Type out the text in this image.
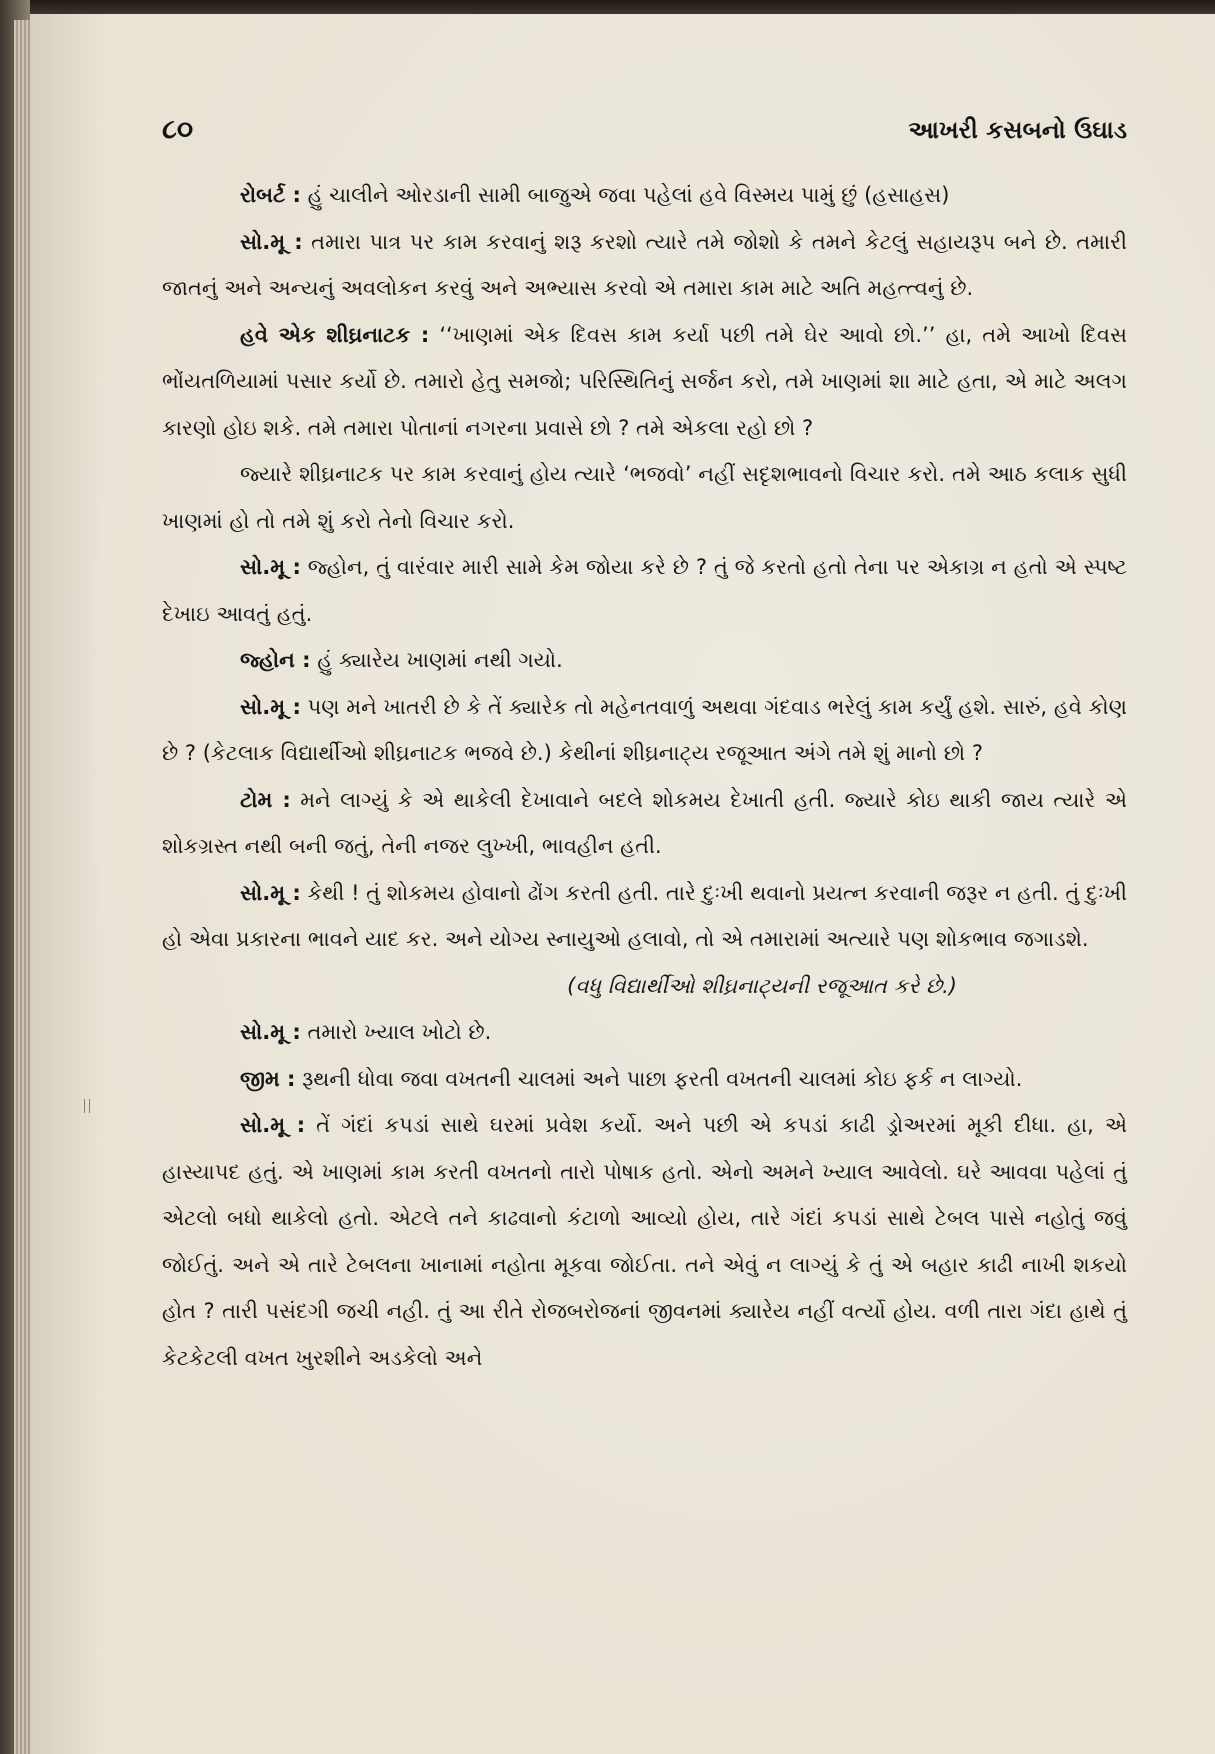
૮૦	આખરી કસબનો ઉઘાડ

રોબર્ટ : હું ચાલીને ઓરડાની સામી બાજુએ જવા પહેલાં હવે વિસ્મય પામું છું (હસાહસ)

સો.મૂ : તમારા પાત્ર પર કામ કરવાનું શરૂ કરશો ત્યારે તમે જોશો કે તમને કેટલું સહાયરૂપ બને છે. તમારી જાતનું અને અન્યનું અવલોકન કરવું અને અભ્યાસ કરવો એ તમારા કામ માટે અતિ મહત્ત્વનું છે.

હવે એક શીઘ્રનાટક : ‘‘ખાણમાં એક દિવસ કામ કર્યા પછી તમે ઘેર આવો છો.’’ હા, તમે આખો દિવસ ભોંયતળિયામાં પસાર કર્યો છે. તમારો હેતુ સમજો; પરિસ્થિતિનું સર્જન કરો, તમે ખાણમાં શા માટે હતા, એ માટે અલગ કારણો હોઇ શકે. તમે તમારા પોતાનાં નગરના પ્રવાસે છો ? તમે એકલા રહો છો ?

જ્યારે શીઘ્રનાટક પર કામ કરવાનું હોય ત્યારે ‘ભજવો’ નહીં સદૃશભાવનો વિચાર કરો. તમે આઠ કલાક સુધી ખાણમાં હો તો તમે શું કરો તેનો વિચાર કરો.

સો.મૂ : જ્હોન, તું વારંવાર મારી સામે કેમ જોયા કરે છે ? તું જે કરતો હતો તેના પર એકાગ્ર ન હતો એ સ્પષ્ટ દેખાઇ આવતું હતું.

જ્હોન : હું ક્યારેય ખાણમાં નથી ગયો.

સો.મૂ : પણ મને ખાતરી છે કે તેં ક્યારેક તો મહેનતવાળું અથવા ગંદવાડ ભરેલું કામ કર્યું હશે. સારું, હવે કોણ છે ? (કેટલાક વિદ્યાર્થીઓ શીઘ્રનાટક ભજવે છે.) કેથીનાં શીઘ્રનાટ્ય રજૂઆત અંગે તમે શું માનો છો ?

ટોમ : મને લાગ્યું કે એ થાકેલી દેખાવાને બદલે શોકમય દેખાતી હતી. જ્યારે કોઇ થાકી જાય ત્યારે એ શોકગ્રસ્ત નથી બની જતું, તેની નજર લુખ્ખી, ભાવહીન હતી.

સો.મૂ : કેથી ! તું શોકમય હોવાનો ઢોંગ કરતી હતી. તારે દુઃખી થવાનો પ્રયત્ન કરવાની જરૂર ન હતી. તું દુઃખી હો એવા પ્રકારના ભાવને યાદ કર. અને યોગ્ય સ્નાયુઓ હલાવો, તો એ તમારામાં અત્યારે પણ શોકભાવ જગાડશે.

(વધુ વિદ્યાર્થીઓ શીઘ્રનાટ્યની રજૂઆત કરે છે.)

સો.મૂ : તમારો ખ્યાલ ખોટો છે.

જીમ : રૂથની ધોવા જવા વખતની ચાલમાં અને પાછા ફરતી વખતની ચાલમાં કોઇ ફર્ક ન લાગ્યો.

સો.મૂ : તેં ગંદાં કપડાં સાથે ઘરમાં પ્રવેશ કર્યો. અને પછી એ કપડાં કાઢી ડ્રોઅરમાં મૂકી દીધા. હા, એ હાસ્યાપદ હતું. એ ખાણમાં કામ કરતી વખતનો તારો પોષાક હતો. એનો અમને ખ્યાલ આવેલો. ઘરે આવવા પહેલાં તું એટલો બધો થાકેલો હતો. એટલે તને કાઢવાનો કંટાળો આવ્યો હોય, તારે ગંદાં કપડાં સાથે ટેબલ પાસે નહોતું જવું જોઈતું. અને એ તારે ટેબલના ખાનામાં નહોતા મૂકવા જોઈતા. તને એવું ન લાગ્યું કે તું એ બહાર કાઢી નાખી શકયો હોત ? તારી પસંદગી જચી નહી. તું આ રીતે રોજબરોજનાં જીવનમાં ક્યારેય નહીં વર્ત્યો હોય. વળી તારા ગંદા હાથે તું કેટકેટલી વખત ખુરશીને અડકેલો અને
